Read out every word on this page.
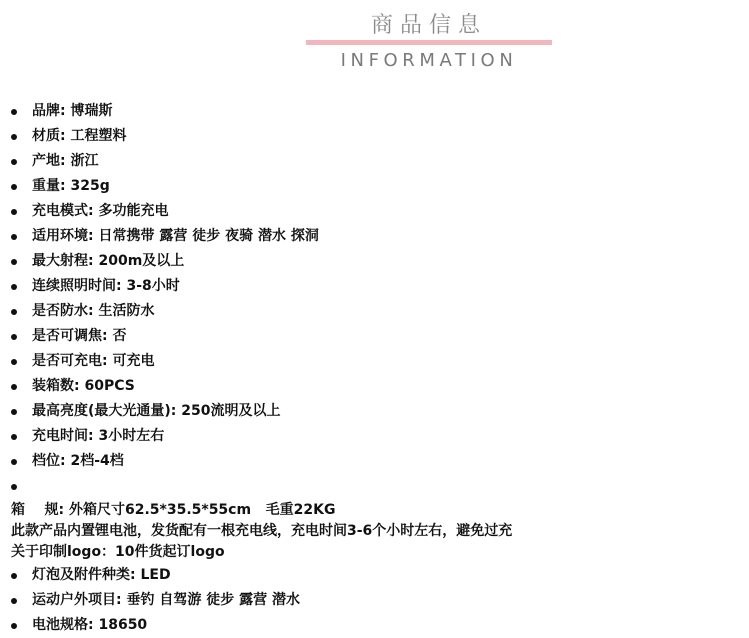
商品信息
INFORMATION
品牌: 博瑞斯
材质: 工程塑料
产地: 浙江
重量: 325g
充电模式: 多功能充电
适用环境: 日常携带 露营 徒步 夜骑 潜水 探洞
最大射程: 200m及以上
连续照明时间: 3-8小时
是否防水: 生活防水
是否可调焦: 否
是否可充电: 可充电
装箱数: 60PCS
最高亮度(最大光通量): 250流明及以上
充电时间: 3小时左右
档位: 2档-4档
箱    规: 外箱尺寸62.5*35.5*55cm   毛重22KG
此款产品内置锂电池，发货配有一根充电线，充电时间3-6个小时左右，避免过充
关于印制logo：10件货起订logo
灯泡及附件种类: LED
运动户外项目: 垂钓 自驾游 徒步 露营 潜水
电池规格: 18650
